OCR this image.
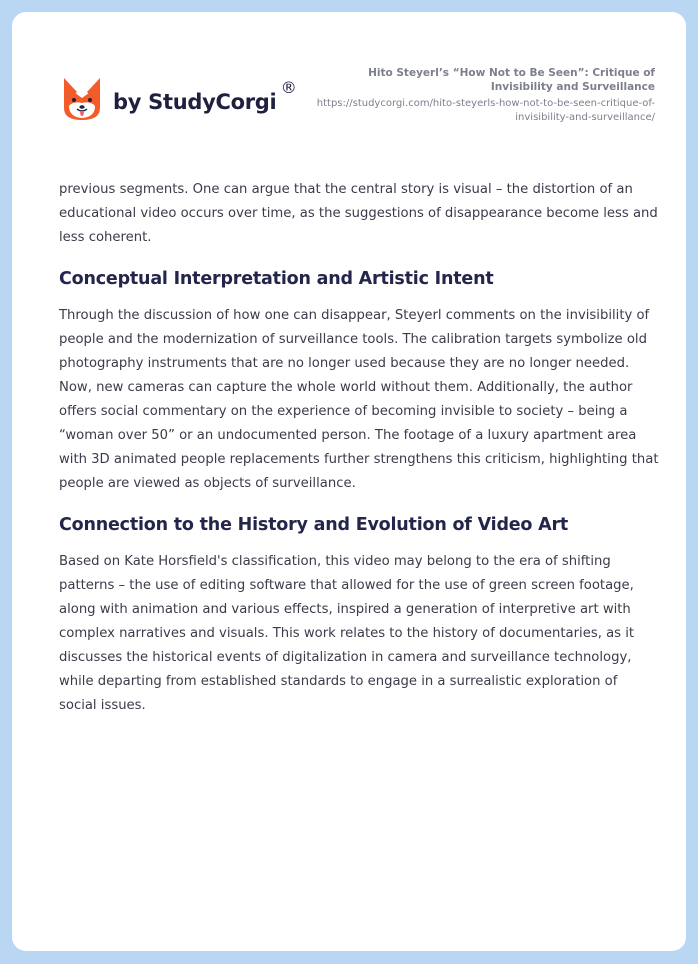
by StudyCorgi
®
Hito Steyerl’s “How Not to Be Seen”: Critique of Invisibility and Surveillance
https://studycorgi.com/hito-steyerls-how-not-to-be-seen-critique-of-invisibility-and-surveillance/

previous segments. One can argue that the central story is visual – the distortion of an educational video occurs over time, as the suggestions of disappearance become less and less coherent.

Conceptual Interpretation and Artistic Intent

Through the discussion of how one can disappear, Steyerl comments on the invisibility of people and the modernization of surveillance tools. The calibration targets symbolize old photography instruments that are no longer used because they are no longer needed. Now, new cameras can capture the whole world without them. Additionally, the author offers social commentary on the experience of becoming invisible to society – being a “woman over 50” or an undocumented person. The footage of a luxury apartment area with 3D animated people replacements further strengthens this criticism, highlighting that people are viewed as objects of surveillance.

Connection to the History and Evolution of Video Art

Based on Kate Horsfield's classification, this video may belong to the era of shifting patterns – the use of editing software that allowed for the use of green screen footage, along with animation and various effects, inspired a generation of interpretive art with complex narratives and visuals. This work relates to the history of documentaries, as it discusses the historical events of digitalization in camera and surveillance technology, while departing from established standards to engage in a surrealistic exploration of social issues.
